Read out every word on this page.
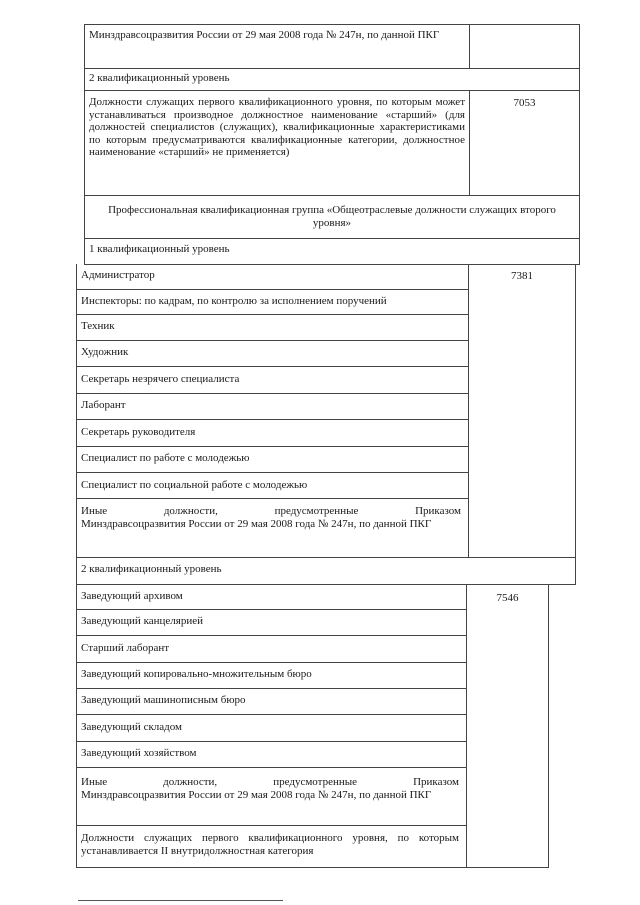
Минздравсоцразвития России от 29 мая 2008 года № 247н, по данной ПКГ
2 квалификационный уровень
Должности служащих первого квалификационного уровня, по которым может устанавливаться производное должностное наименование «старший» (для должностей специалистов (служащих), квалификационные характеристиками по которым предусматриваются квалификационные категории, должностное наименование «старший» не применяется)
7053
Профессиональная квалификационная группа «Общеотраслевые должности служащих второго уровня»
1 квалификационный уровень
Администратор
Инспекторы: по кадрам, по контролю за исполнением поручений
Техник
Художник
Секретарь незрячего специалиста
Лаборант
Секретарь руководителя
Специалист по работе с молодежью
Специалист по социальной работе с молодежью
Иные должности, предусмотренные Приказом
Минздравсоцразвития России от 29 мая 2008 года № 247н, по данной ПКГ
7381
2 квалификационный уровень
Заведующий архивом
Заведующий канцелярией
Старший лаборант
Заведующий копировально-множительным бюро
Заведующий машинописным бюро
Заведующий складом
Заведующий хозяйством
Иные должности, предусмотренные Приказом
Минздравсоцразвития России от 29 мая 2008 года № 247н, по данной ПКГ
Должности служащих первого квалификационного уровня, по которым устанавливается II внутридолжностная категория
7546
